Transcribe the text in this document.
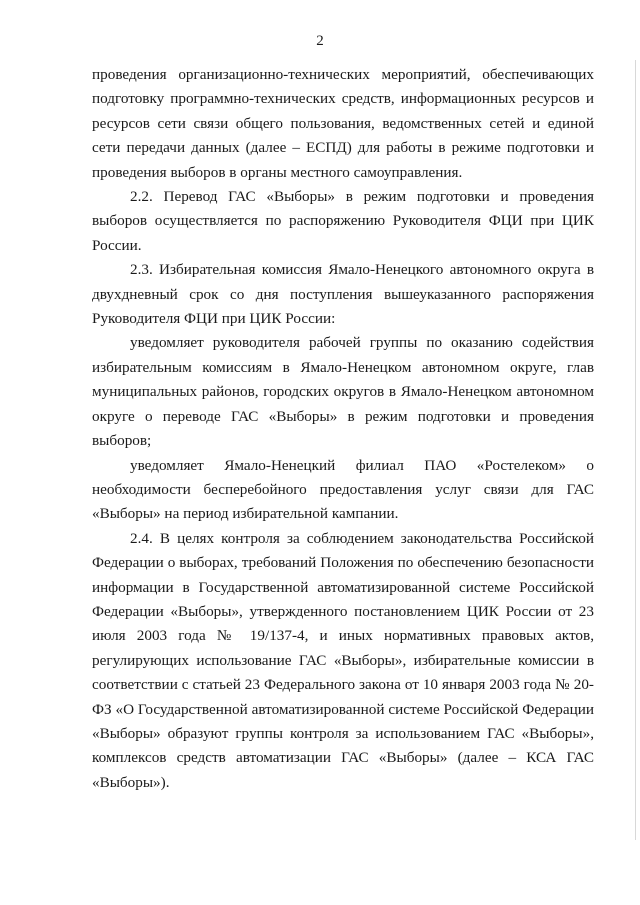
2

проведения организационно-технических мероприятий, обеспечивающих подготовку программно-технических средств, информационных ресурсов и ресурсов сети связи общего пользования, ведомственных сетей и единой сети передачи данных (далее – ЕСПД) для работы в режиме подготовки и проведения выборов в органы местного самоуправления.

2.2. Перевод ГАС «Выборы» в режим подготовки и проведения выборов осуществляется по распоряжению Руководителя ФЦИ при ЦИК России.

2.3. Избирательная комиссия Ямало-Ненецкого автономного округа в двухдневный срок со дня поступления вышеуказанного распоряжения Руководителя ФЦИ при ЦИК России:

уведомляет руководителя рабочей группы по оказанию содействия избирательным комиссиям в Ямало-Ненецком автономном округе, глав муниципальных районов, городских округов в Ямало-Ненецком автономном округе о переводе ГАС «Выборы» в режим подготовки и проведения выборов;

уведомляет Ямало-Ненецкий филиал ПАО «Ростелеком» о необходимости бесперебойного предоставления услуг связи для ГАС «Выборы» на период избирательной кампании.

2.4. В целях контроля за соблюдением законодательства Российской Федерации о выборах, требований Положения по обеспечению безопасности информации в Государственной автоматизированной системе Российской Федерации «Выборы», утвержденного постановлением ЦИК России от 23 июля 2003 года № 19/137-4, и иных нормативных правовых актов, регулирующих использование ГАС «Выборы», избирательные комиссии в соответствии с статьей 23 Федерального закона от 10 января 2003 года № 20-ФЗ «О Государственной автоматизированной системе Российской Федерации «Выборы» образуют группы контроля за использованием ГАС «Выборы», комплексов средств автоматизации ГАС «Выборы» (далее – КСА ГАС «Выборы»).
